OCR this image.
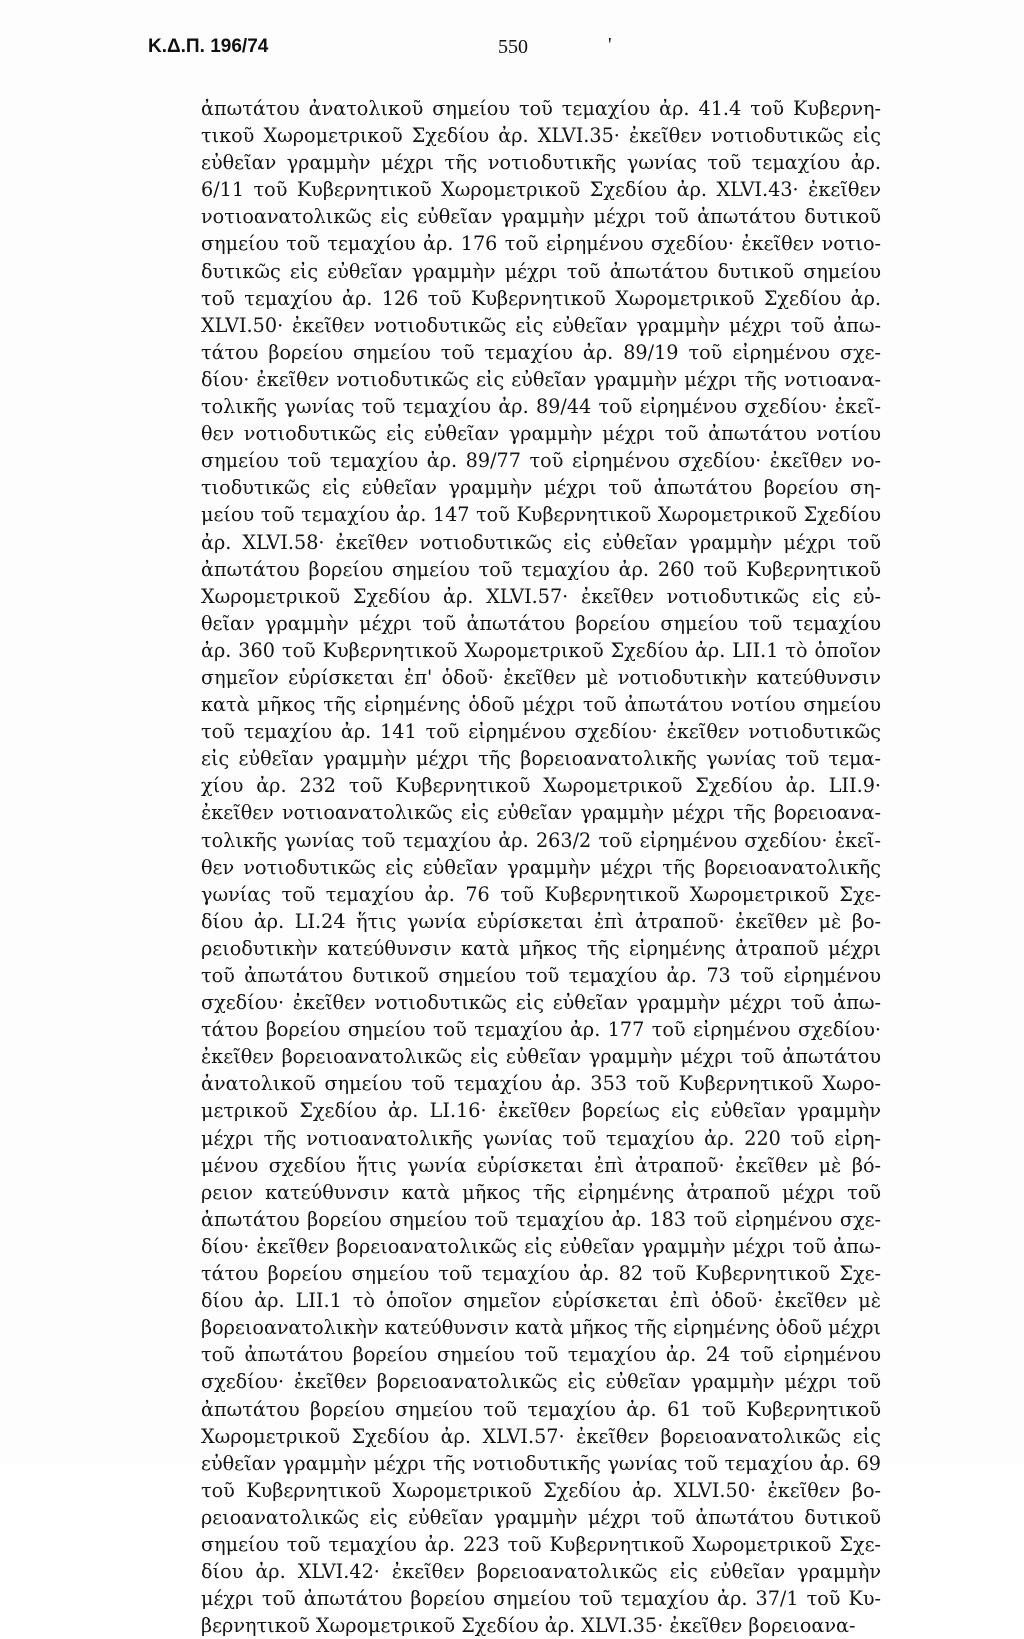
Κ.Δ.Π. 196/74	550	'
ἀπωτάτου ἀνατολικοῦ σημείου τοῦ τεμαχίου ἀρ. 41.4 τοῦ Κυβερνη-
τικοῦ Χωρομετρικοῦ Σχεδίου ἀρ. XLVI.35· ἐκεῖθεν νοτιοδυτικῶς εἰς
εὐθεῖαν γραμμὴν μέχρι τῆς νοτιοδυτικῆς γωνίας τοῦ τεμαχίου ἀρ.
6/11 τοῦ Κυβερνητικοῦ Χωρομετρικοῦ Σχεδίου ἀρ. XLVI.43· ἐκεῖθεν
νοτιοανατολικῶς εἰς εὐθεῖαν γραμμὴν μέχρι τοῦ ἀπωτάτου δυτικοῦ
σημείου τοῦ τεμαχίου ἀρ. 176 τοῦ εἰρημένου σχεδίου· ἐκεῖθεν νοτιο-
δυτικῶς εἰς εὐθεῖαν γραμμὴν μέχρι τοῦ ἀπωτάτου δυτικοῦ σημείου
τοῦ τεμαχίου ἀρ. 126 τοῦ Κυβερνητικοῦ Χωρομετρικοῦ Σχεδίου ἀρ.
XLVI.50· ἐκεῖθεν νοτιοδυτικῶς εἰς εὐθεῖαν γραμμὴν μέχρι τοῦ ἀπω-
τάτου βορείου σημείου τοῦ τεμαχίου ἀρ. 89/19 τοῦ εἰρημένου σχε-
δίου· ἐκεῖθεν νοτιοδυτικῶς εἰς εὐθεῖαν γραμμὴν μέχρι τῆς νοτιοανα-
τολικῆς γωνίας τοῦ τεμαχίου ἀρ. 89/44 τοῦ εἰρημένου σχεδίου· ἐκεῖ-
θεν νοτιοδυτικῶς εἰς εὐθεῖαν γραμμὴν μέχρι τοῦ ἀπωτάτου νοτίου
σημείου τοῦ τεμαχίου ἀρ. 89/77 τοῦ εἰρημένου σχεδίου· ἐκεῖθεν νο-
τιοδυτικῶς εἰς εὐθεῖαν γραμμὴν μέχρι τοῦ ἀπωτάτου βορείου ση-
μείου τοῦ τεμαχίου ἀρ. 147 τοῦ Κυβερνητικοῦ Χωρομετρικοῦ Σχεδίου
ἀρ. XLVI.58· ἐκεῖθεν νοτιοδυτικῶς εἰς εὐθεῖαν γραμμὴν μέχρι τοῦ
ἀπωτάτου βορείου σημείου τοῦ τεμαχίου ἀρ. 260 τοῦ Κυβερνητικοῦ
Χωρομετρικοῦ Σχεδίου ἀρ. XLVI.57· ἐκεῖθεν νοτιοδυτικῶς εἰς εὐ-
θεῖαν γραμμὴν μέχρι τοῦ ἀπωτάτου βορείου σημείου τοῦ τεμαχίου
ἀρ. 360 τοῦ Κυβερνητικοῦ Χωρομετρικοῦ Σχεδίου ἀρ. LII.1 τὸ ὁποῖον
σημεῖον εὑρίσκεται ἐπ' ὁδοῦ· ἐκεῖθεν μὲ νοτιοδυτικὴν κατεύθυνσιν
κατὰ μῆκος τῆς εἰρημένης ὁδοῦ μέχρι τοῦ ἀπωτάτου νοτίου σημείου
τοῦ τεμαχίου ἀρ. 141 τοῦ εἰρημένου σχεδίου· ἐκεῖθεν νοτιοδυτικῶς
εἰς εὐθεῖαν γραμμὴν μέχρι τῆς βορειοανατολικῆς γωνίας τοῦ τεμα-
χίου ἀρ. 232 τοῦ Κυβερνητικοῦ Χωρομετρικοῦ Σχεδίου ἀρ. LII.9·
ἐκεῖθεν νοτιοανατολικῶς εἰς εὐθεῖαν γραμμὴν μέχρι τῆς βορειοανα-
τολικῆς γωνίας τοῦ τεμαχίου ἀρ. 263/2 τοῦ εἰρημένου σχεδίου· ἐκεῖ-
θεν νοτιοδυτικῶς εἰς εὐθεῖαν γραμμὴν μέχρι τῆς βορειοανατολικῆς
γωνίας τοῦ τεμαχίου ἀρ. 76 τοῦ Κυβερνητικοῦ Χωρομετρικοῦ Σχε-
δίου ἀρ. LI.24 ἥτις γωνία εὑρίσκεται ἐπὶ ἀτραποῦ· ἐκεῖθεν μὲ βο-
ρειοδυτικὴν κατεύθυνσιν κατὰ μῆκος τῆς εἰρημένης ἀτραποῦ μέχρι
τοῦ ἀπωτάτου δυτικοῦ σημείου τοῦ τεμαχίου ἀρ. 73 τοῦ εἰρημένου
σχεδίου· ἐκεῖθεν νοτιοδυτικῶς εἰς εὐθεῖαν γραμμὴν μέχρι τοῦ ἀπω-
τάτου βορείου σημείου τοῦ τεμαχίου ἀρ. 177 τοῦ εἰρημένου σχεδίου·
ἐκεῖθεν βορειοανατολικῶς εἰς εὐθεῖαν γραμμὴν μέχρι τοῦ ἀπωτάτου
ἀνατολικοῦ σημείου τοῦ τεμαχίου ἀρ. 353 τοῦ Κυβερνητικοῦ Χωρο-
μετρικοῦ Σχεδίου ἀρ. LI.16· ἐκεῖθεν βορείως εἰς εὐθεῖαν γραμμὴν
μέχρι τῆς νοτιοανατολικῆς γωνίας τοῦ τεμαχίου ἀρ. 220 τοῦ εἰρη-
μένου σχεδίου ἥτις γωνία εὑρίσκεται ἐπὶ ἀτραποῦ· ἐκεῖθεν μὲ βό-
ρειον κατεύθυνσιν κατὰ μῆκος τῆς εἰρημένης ἀτραποῦ μέχρι τοῦ
ἀπωτάτου βορείου σημείου τοῦ τεμαχίου ἀρ. 183 τοῦ εἰρημένου σχε-
δίου· ἐκεῖθεν βορειοανατολικῶς εἰς εὐθεῖαν γραμμὴν μέχρι τοῦ ἀπω-
τάτου βορείου σημείου τοῦ τεμαχίου ἀρ. 82 τοῦ Κυβερνητικοῦ Σχε-
δίου ἀρ. LII.1 τὸ ὁποῖον σημεῖον εὑρίσκεται ἐπὶ ὁδοῦ· ἐκεῖθεν μὲ
βορειοανατολικὴν κατεύθυνσιν κατὰ μῆκος τῆς εἰρημένης ὁδοῦ μέχρι
τοῦ ἀπωτάτου βορείου σημείου τοῦ τεμαχίου ἀρ. 24 τοῦ εἰρημένου
σχεδίου· ἐκεῖθεν βορειοανατολικῶς εἰς εὐθεῖαν γραμμὴν μέχρι τοῦ
ἀπωτάτου βορείου σημείου τοῦ τεμαχίου ἀρ. 61 τοῦ Κυβερνητικοῦ
Χωρομετρικοῦ Σχεδίου ἀρ. XLVI.57· ἐκεῖθεν βορειοανατολικῶς εἰς
εὐθεῖαν γραμμὴν μέχρι τῆς νοτιοδυτικῆς γωνίας τοῦ τεμαχίου ἀρ. 69
τοῦ Κυβερνητικοῦ Χωρομετρικοῦ Σχεδίου ἀρ. XLVI.50· ἐκεῖθεν βο-
ρειοανατολικῶς εἰς εὐθεῖαν γραμμὴν μέχρι τοῦ ἀπωτάτου δυτικοῦ
σημείου τοῦ τεμαχίου ἀρ. 223 τοῦ Κυβερνητικοῦ Χωρομετρικοῦ Σχε-
δίου ἀρ. XLVI.42· ἐκεῖθεν βορειοανατολικῶς εἰς εὐθεῖαν γραμμὴν
μέχρι τοῦ ἀπωτάτου βορείου σημείου τοῦ τεμαχίου ἀρ. 37/1 τοῦ Κυ-
βερνητικοῦ Χωρομετρικοῦ Σχεδίου ἀρ. XLVI.35· ἐκεῖθεν βορειοανα-
